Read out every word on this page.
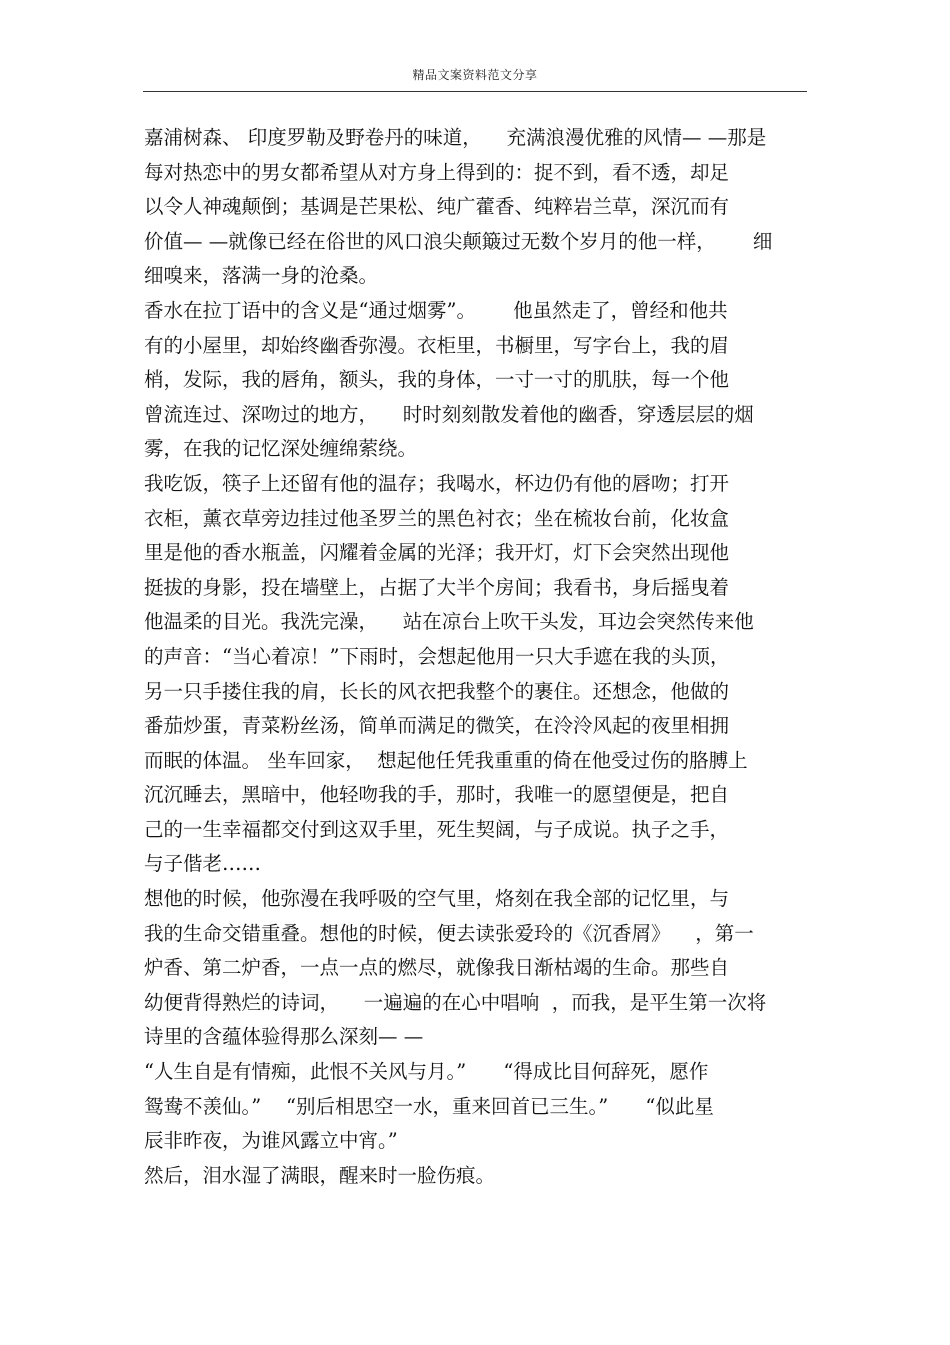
精品文案资料范文分享
嘉浦树森、 印度罗勒及野卷丹的味道，    充满浪漫优雅的风情— —那是
每对热恋中的男女都希望从对方身上得到的：捉不到，看不透，却足
以令人神魂颠倒；基调是芒果松、纯广藿香、纯粹岩兰草，深沉而有
价值— —就像已经在俗世的风口浪尖颠簸过无数个岁月的他一样，      细
细嗅来，落满一身的沧桑。
香水在拉丁语中的含义是“通过烟雾”。      他虽然走了，曾经和他共
有的小屋里，却始终幽香弥漫。衣柜里，书橱里，写字台上，我的眉
梢，发际，我的唇角，额头，我的身体，一寸一寸的肌肤，每一个他
曾流连过、深吻过的地方，    时时刻刻散发着他的幽香，穿透层层的烟
雾，在我的记忆深处缠绵萦绕。
我吃饭，筷子上还留有他的温存；我喝水，杯边仍有他的唇吻；打开
衣柜，薰衣草旁边挂过他圣罗兰的黑色衬衣；坐在梳妆台前，化妆盒
里是他的香水瓶盖，闪耀着金属的光泽；我开灯，灯下会突然出现他
挺拔的身影，投在墙壁上，占据了大半个房间；我看书，身后摇曳着
他温柔的目光。我洗完澡，    站在凉台上吹干头发，耳边会突然传来他
的声音：“当心着凉！”下雨时，会想起他用一只大手遮在我的头顶，
另一只手搂住我的肩，长长的风衣把我整个的裹住。还想念，他做的
番茄炒蛋，青菜粉丝汤，简单而满足的微笑，在泠泠风起的夜里相拥
而眠的体温。 坐车回家，  想起他任凭我重重的倚在他受过伤的胳膊上
沉沉睡去，黑暗中，他轻吻我的手，那时，我唯一的愿望便是，把自
己的一生幸福都交付到这双手里，死生契阔，与子成说。执子之手，
与子偕老……
想他的时候，他弥漫在我呼吸的空气里，烙刻在我全部的记忆里，与
我的生命交错重叠。想他的时候，便去读张爱玲的《沉香屑》    ，第一
炉香、第二炉香，一点一点的燃尽，就像我日渐枯竭的生命。那些自
幼便背得熟烂的诗词，    一遍遍的在心中唱响  ，而我，是平生第一次将
诗里的含蕴体验得那么深刻— —
“人生自是有情痴，此恨不关风与月。”      “得成比目何辞死，愿作
鸳鸯不羡仙。”    “别后相思空一水，重来回首已三生。”      “似此星
辰非昨夜，为谁风露立中宵。”
然后，泪水湿了满眼，醒来时一脸伤痕。
